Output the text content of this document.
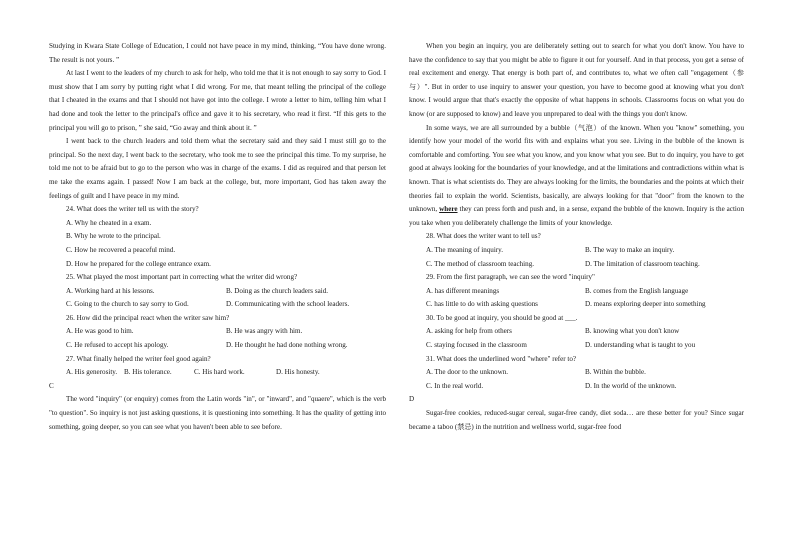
Studying in Kwara State College of Education, I could not have peace in my mind, thinking, “You have done wrong. The result is not yours. ”

At last I went to the leaders of my church to ask for help, who told me that it is not enough to say sorry to God. I must show that I am sorry by putting right what I did wrong. For me, that meant telling the principal of the college that I cheated in the exams and that I should not have got into the college. I wrote a letter to him, telling him what I had done and took the letter to the principal's office and gave it to his secretary, who read it first. “If this gets to the principal you will go to prison, ” she said, “Go away and think about it. ”

I went back to the church leaders and told them what the secretary said and they said I must still go to the principal. So the next day, I went back to the secretary, who took me to see the principal this time. To my surprise, he told me not to be afraid but to go to the person who was in charge of the exams. I did as required and that person let me take the exams again. I passed! Now I am back at the college, but, more important, God has taken away the feelings of guilt and I have peace in my mind.

24. What does the writer tell us with the story?

A. Why he cheated in a exam.

B. Why he wrote to the principal.

C. How he recovered a peaceful mind.

D. How he prepared for the college entrance exam.

25. What played the most important part in correcting what the writer did wrong?

A. Working hard at his lessons.	B. Doing as the church leaders said.
C. Going to the church to say sorry to God.	D. Communicating with the school leaders.

26. How did the principal react when the writer saw him?

A. He was good to him.	B. He was angry with him.
C. He refused to accept his apology.	D. He thought he had done nothing wrong.

27. What finally helped the writer feel good again?

A. His generosity. B. His tolerance.	C. His hard work.	D. His honesty.

C

The word "inquiry" (or enquiry) comes from the Latin words "in", or "inward", and "quaere", which is the verb "to question". So inquiry is not just asking questions, it is questioning into something. It has the quality of getting into something, going deeper, so you can see what you haven't been able to see before.

When you begin an inquiry, you are deliberately setting out to search for what you don't know. You have to have the confidence to say that you might be able to figure it out for yourself. And in that process, you get a sense of real excitement and energy. That energy is both part of, and contributes to, what we often call "engagement（参与）". But in order to use inquiry to answer your question, you have to become good at knowing what you don't know. I would argue that that's exactly the opposite of what happens in schools. Classrooms focus on what you do know (or are supposed to know) and leave you unprepared to deal with the things you don't know.

In some ways, we are all surrounded by a bubble（气泡）of the known. When you "know" something, you identify how your model of the world fits with and explains what you see. Living in the bubble of the known is comfortable and comforting. You see what you know, and you know what you see. But to do inquiry, you have to get good at always looking for the boundaries of your knowledge, and at the limitations and contradictions within what is known. That is what scientists do. They are always looking for the limits, the boundaries and the points at which their theories fail to explain the world. Scientists, basically, are always looking for that "door" from the known to the unknown, where they can press forth and push and, in a sense, expand the bubble of the known. Inquiry is the action you take when you deliberately challenge the limits of your knowledge.

28. What does the writer want to tell us?

A. The meaning of inquiry.	B. The way to make an inquiry.
C. The method of classroom teaching.	D. The limitation of classroom teaching.

29. From the first paragraph, we can see the word "inquiry"

A. has different meanings	B. comes from the English language
C. has little to do with asking questions	D. means exploring deeper into something

30. To be good at inquiry, you should be good at ___.

A. asking for help from others	B. knowing what you don't know
C. staying focused in the classroom	D. understanding what is taught to you

31. What does the underlined word "where" refer to?

A. The door to the unknown.	B. Within the bubble.
C. In the real world.	D. In the world of the unknown.

D

Sugar-free cookies, reduced-sugar cereal, sugar-free candy, diet soda… are these better for you? Since sugar became a taboo (禁忌) in the nutrition and wellness world, sugar-free food
